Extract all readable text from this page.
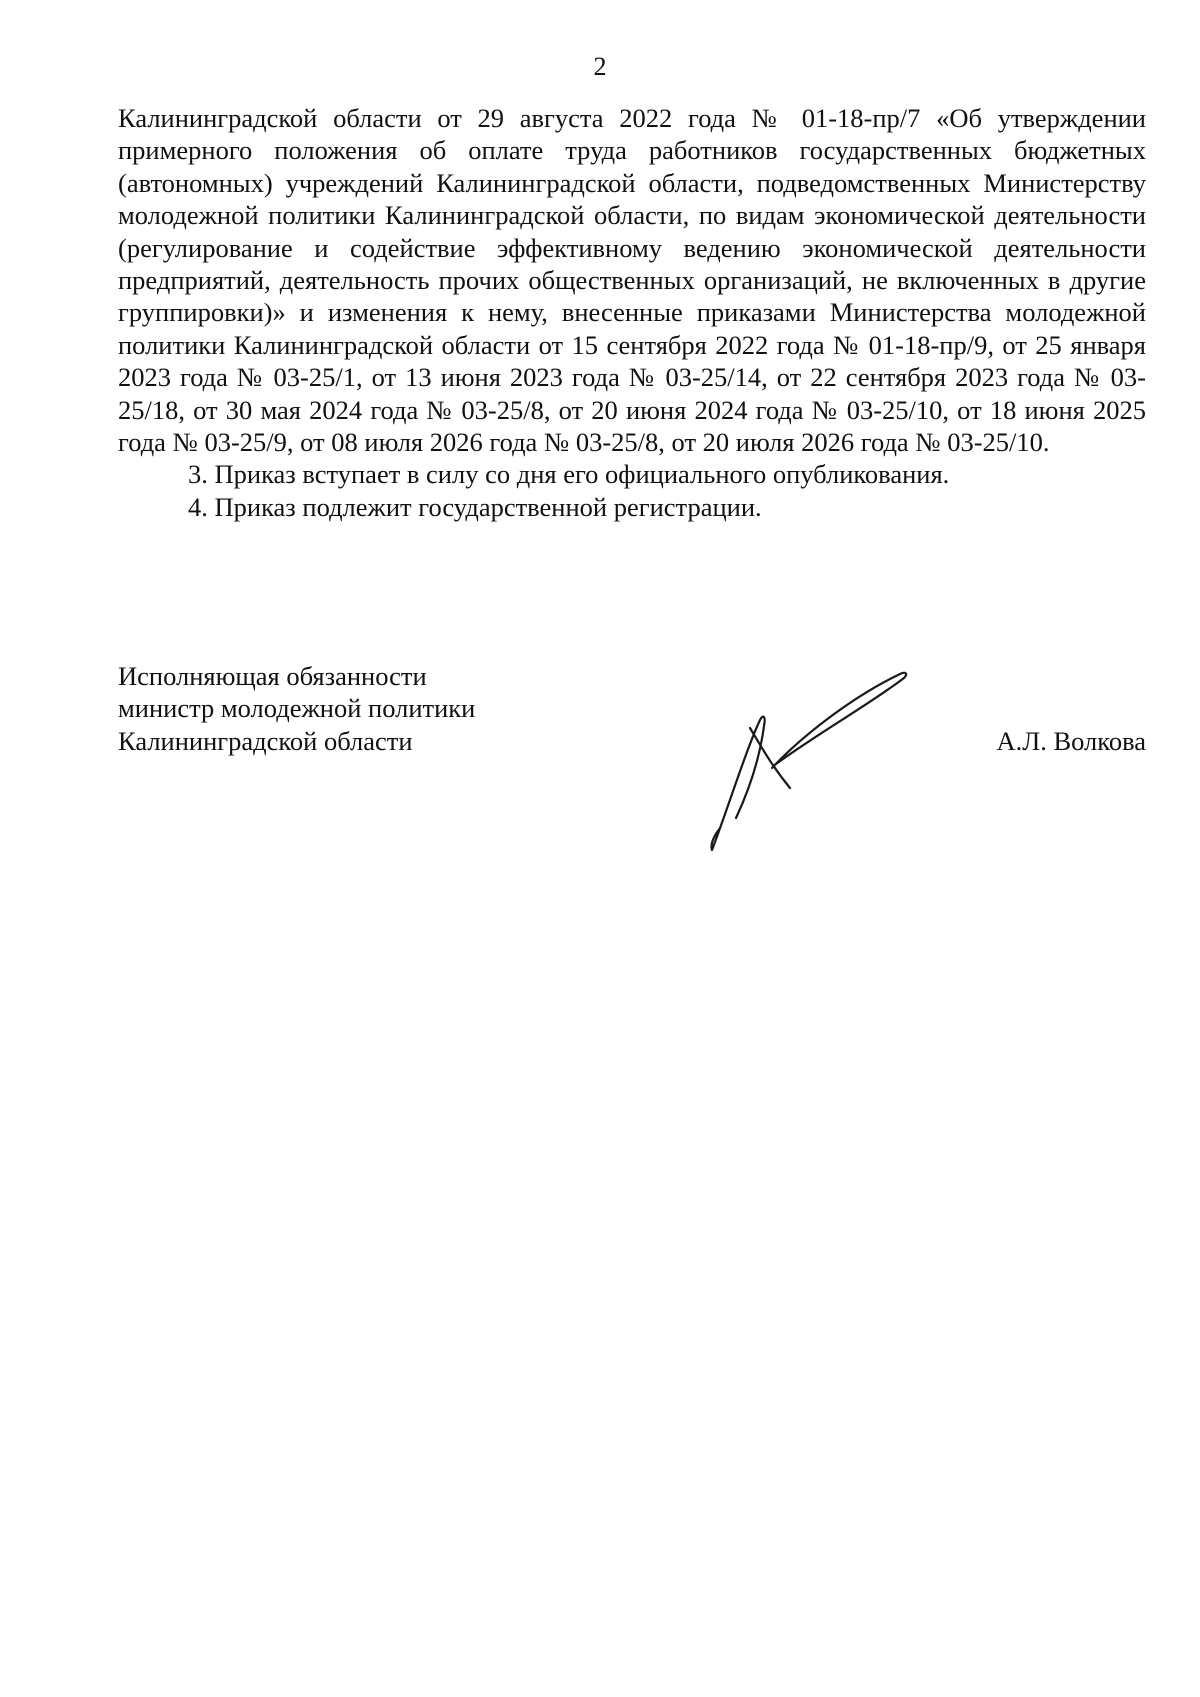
2

Калининградской области от 29 августа 2022 года № 01-18-пр/7 «Об утверждении примерного положения об оплате труда работников государственных бюджетных (автономных) учреждений Калининградской области, подведомственных Министерству молодежной политики Калининградской области, по видам экономической деятельности (регулирование и содействие эффективному ведению экономической деятельности предприятий, деятельность прочих общественных организаций, не включенных в другие группировки)» и изменения к нему, внесенные приказами Министерства молодежной политики Калининградской области от 15 сентября 2022 года № 01-18-пр/9, от 25 января 2023 года № 03-25/1, от 13 июня 2023 года № 03-25/14, от 22 сентября 2023 года № 03-25/18, от 30 мая 2024 года № 03-25/8, от 20 июня 2024 года № 03-25/10, от 18 июня 2025 года № 03-25/9, от 08 июля 2026 года № 03-25/8, от 20 июля 2026 года № 03-25/10.

3. Приказ вступает в силу со дня его официального опубликования.

4. Приказ подлежит государственной регистрации.

Исполняющая обязанности
министр молодежной политики
Калининградской области	А.Л. Волкова
